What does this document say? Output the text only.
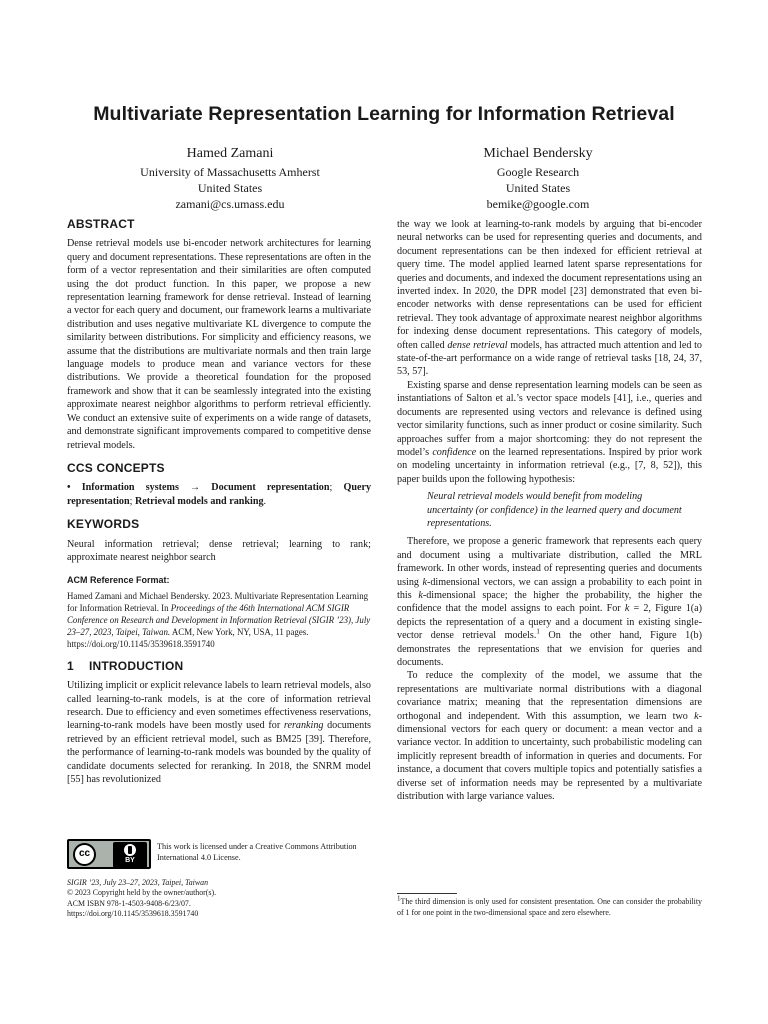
Multivariate Representation Learning for Information Retrieval
Hamed Zamani
University of Massachusetts Amherst
United States
zamani@cs.umass.edu
Michael Bendersky
Google Research
United States
bemike@google.com
ABSTRACT

Dense retrieval models use bi-encoder network architectures for learning query and document representations. These representations are often in the form of a vector representation and their similarities are often computed using the dot product function. In this paper, we propose a new representation learning framework for dense retrieval. Instead of learning a vector for each query and document, our framework learns a multivariate distribution and uses negative multivariate KL divergence to compute the similarity between distributions. For simplicity and efficiency reasons, we assume that the distributions are multivariate normals and then train large language models to produce mean and variance vectors for these distributions. We provide a theoretical foundation for the proposed framework and show that it can be seamlessly integrated into the existing approximate nearest neighbor algorithms to perform retrieval efficiently. We conduct an extensive suite of experiments on a wide range of datasets, and demonstrate significant improvements compared to competitive dense retrieval models.

CCS CONCEPTS

• Information systems → Document representation; Query representation; Retrieval models and ranking.

KEYWORDS

Neural information retrieval; dense retrieval; learning to rank; approximate nearest neighbor search

ACM Reference Format:

Hamed Zamani and Michael Bendersky. 2023. Multivariate Representation Learning for Information Retrieval. In Proceedings of the 46th International ACM SIGIR Conference on Research and Development in Information Retrieval (SIGIR ’23), July 23–27, 2023, Taipei, Taiwan. ACM, New York, NY, USA, 11 pages. https://doi.org/10.1145/3539618.3591740

1 INTRODUCTION

Utilizing implicit or explicit relevance labels to learn retrieval models, also called learning-to-rank models, is at the core of information retrieval research. Due to efficiency and even sometimes effectiveness reservations, learning-to-rank models have been mostly used for reranking documents retrieved by an efficient retrieval model, such as BM25 [39]. Therefore, the performance of learning-to-rank models was bounded by the quality of candidate documents selected for reranking. In 2018, the SNRM model [55] has revolutionized

cc
BY
This work is licensed under a Creative Commons Attribution International 4.0 License.
SIGIR ’23, July 23–27, 2023, Taipei, Taiwan
© 2023 Copyright held by the owner/author(s).
ACM ISBN 978-1-4503-9408-6/23/07.
https://doi.org/10.1145/3539618.3591740

the way we look at learning-to-rank models by arguing that bi-encoder neural networks can be used for representing queries and documents, and document representations can be then indexed for efficient retrieval at query time. The model applied learned latent sparse representations for queries and documents, and indexed the document representations using an inverted index. In 2020, the DPR model [23] demonstrated that even bi-encoder networks with dense representations can be used for efficient retrieval. They took advantage of approximate nearest neighbor algorithms for indexing dense document representations. This category of models, often called dense retrieval models, has attracted much attention and led to state-of-the-art performance on a wide range of retrieval tasks [18, 24, 37, 53, 57].

Existing sparse and dense representation learning models can be seen as instantiations of Salton et al.’s vector space models [41], i.e., queries and documents are represented using vectors and relevance is defined using vector similarity functions, such as inner product or cosine similarity. Such approaches suffer from a major shortcoming: they do not represent the model’s confidence on the learned representations. Inspired by prior work on modeling uncertainty in information retrieval (e.g., [7, 8, 52]), this paper builds upon the following hypothesis:

Neural retrieval models would benefit from modeling uncertainty (or confidence) in the learned query and document representations.

Therefore, we propose a generic framework that represents each query and document using a multivariate distribution, called the MRL framework. In other words, instead of representing queries and documents using k-dimensional vectors, we can assign a probability to each point in this k-dimensional space; the higher the probability, the higher the confidence that the model assigns to each point. For k = 2, Figure 1(a) depicts the representation of a query and a document in existing single-vector dense retrieval models.$^1$ On the other hand, Figure 1(b) demonstrates the representations that we envision for queries and documents.

To reduce the complexity of the model, we assume that the representations are multivariate normal distributions with a diagonal covariance matrix; meaning that the representation dimensions are orthogonal and independent. With this assumption, we learn two k-dimensional vectors for each query or document: a mean vector and a variance vector. In addition to uncertainty, such probabilistic modeling can implicitly represent breadth of information in queries and documents. For instance, a document that covers multiple topics and potentially satisfies a diverse set of information needs may be represented by a multivariate distribution with large variance values.

$^1$The third dimension is only used for consistent presentation. One can consider the probability of 1 for one point in the two-dimensional space and zero elsewhere.
